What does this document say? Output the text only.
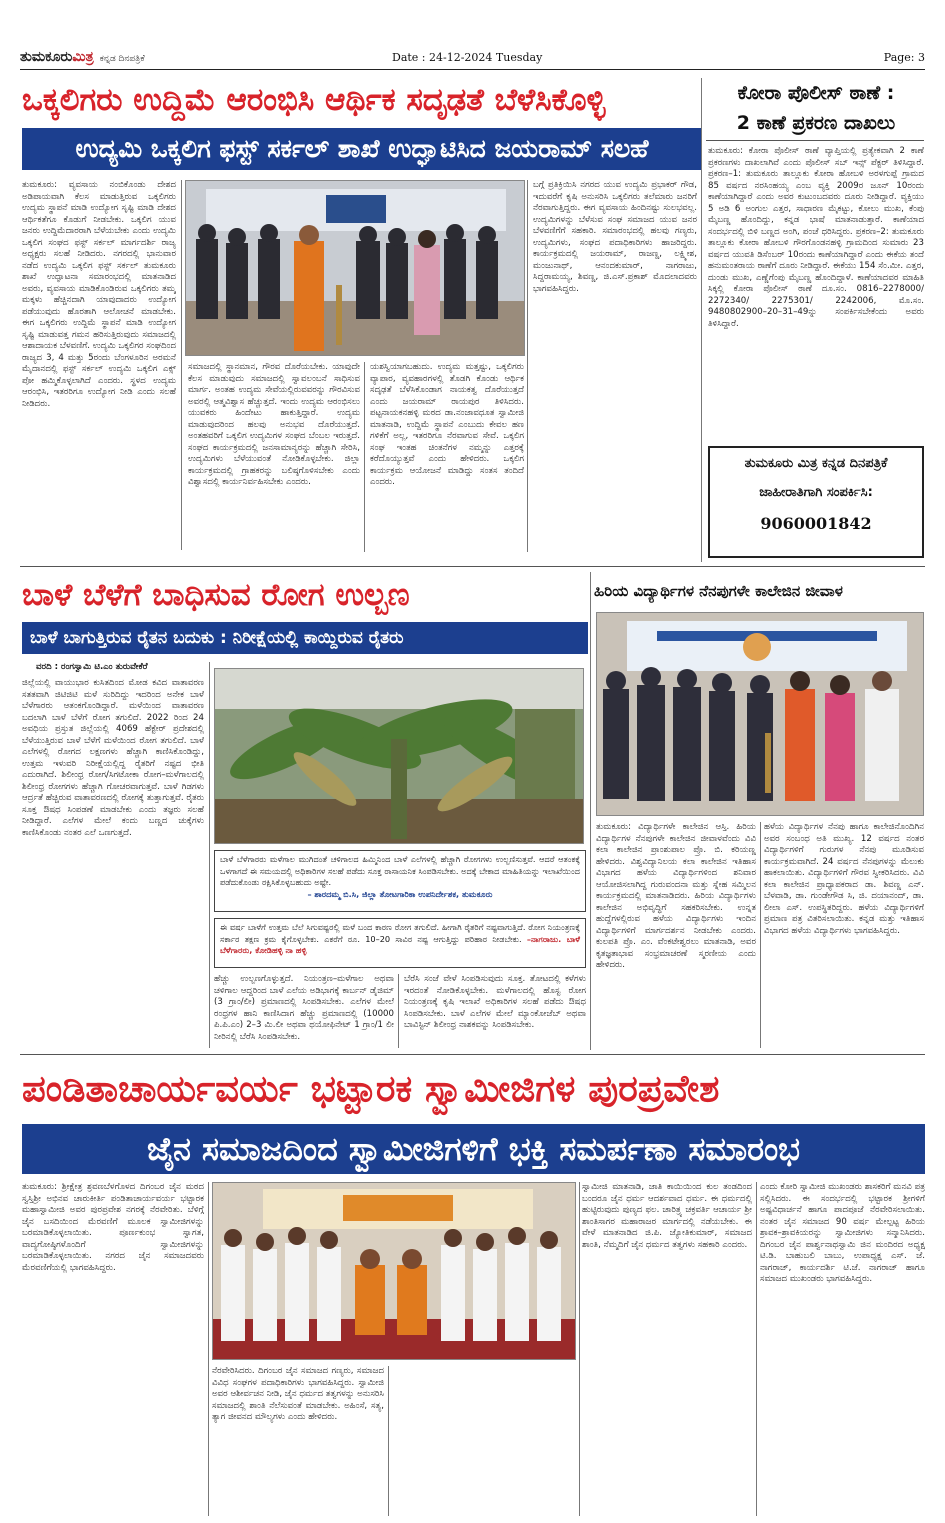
ತುಮಕೂರುಮಿತ್ರ ಕನ್ನಡ ದಿನಪತ್ರಿಕೆ	Date : 24-12-2024 Tuesday	Page: 3
ಒಕ್ಕಲಿಗರು ಉದ್ದಿಮೆ ಆರಂಭಿಸಿ ಆರ್ಥಿಕ ಸದೃಢತೆ ಬೆಳೆಸಿಕೊಳ್ಳಿ
ಉದ್ಯಮಿ ಒಕ್ಕಲಿಗ ಫಸ್ಟ್ ಸರ್ಕಲ್ ಶಾಖೆ ಉದ್ಘಾಟಿಸಿದ ಜಯರಾಮ್ ಸಲಹೆ
ತುಮಕೂರು: ವ್ಯವಸಾಯ ನಂಬಿಕೊಂಡು ದೇಶದ ಅಡಿಪಾಯವಾಗಿ ಕೆಲಸ ಮಾಡುತ್ತಿರುವ ಒಕ್ಕಲಿಗರು ಉದ್ಯಮ ಸ್ಥಾಪನೆ ಮಾಡಿ ಉದ್ಯೋಗ ಸೃಷ್ಟಿ ಮಾಡಿ ದೇಶದ ಆರ್ಥಿಕತೆಗೂ ಕೊಡುಗೆ ನೀಡಬೇಕು. ಒಕ್ಕಲಿಗ ಯುವ ಜನರು ಉದ್ದಿಮೆದಾರರಾಗಿ ಬೆಳೆಯಬೇಕು ಎಂದು ಉದ್ಯಮಿ ಒಕ್ಕಲಿಗ ಸಂಘದ ಫಸ್ಟ್ ಸರ್ಕಲ್ ಮಾರ್ಗದರ್ಶಿ ರಾಜ್ಯ ಅಧ್ಯಕ್ಷರು ಸಲಹೆ ನೀಡಿದರು. ನಗರದಲ್ಲಿ ಭಾನುವಾರ ನಡೆದ ಉದ್ಯಮಿ ಒಕ್ಕಲಿಗ ಫಸ್ಟ್ ಸರ್ಕಲ್ ತುಮಕೂರು ಶಾಖೆ ಉದ್ಘಾಟನಾ ಸಮಾರಂಭದಲ್ಲಿ ಮಾತನಾಡಿದ ಅವರು, ವ್ಯವಸಾಯ ಮಾಡಿಕೊಂಡಿರುವ ಒಕ್ಕಲಿಗರು ತಮ್ಮ ಮಕ್ಕಳು ಹೆಚ್ಚಿನದಾಗಿ ಯಾವುದಾದರು ಉದ್ಯೋಗ ಪಡೆಯುವುದು ಹೊರತಾಗಿ ಆಲೋಚನೆ ಮಾಡಬೇಕು. ಈಗ ಒಕ್ಕಲಿಗರು ಉದ್ದಿಮೆ ಸ್ಥಾಪನೆ ಮಾಡಿ ಉದ್ಯೋಗ ಸೃಷ್ಟಿ ಮಾಡುವತ್ತ ಗಮನ ಹರಿಸುತ್ತಿರುವುದು ಸಮಾಜದಲ್ಲಿ ಆಶಾದಾಯಕ ಬೆಳವಣಿಗೆ. ಉದ್ಯಮಿ ಒಕ್ಕಲಿಗರ ಸಂಘದಿಂದ ರಾಜ್ಯದ 3, 4 ಮತ್ತು 5ರಂದು ಬೆಂಗಳೂರಿನ ಅರಮನೆ ಮೈದಾನದಲ್ಲಿ ಫಸ್ಟ್ ಸರ್ಕಲ್ ಉದ್ಯಮಿ ಒಕ್ಕಲಿಗ ಎಕ್ಸ್ ಪೋ ಹಮ್ಮಿಕೊಳ್ಳಲಾಗಿದೆ ಎಂದರು. ಸ್ಥಳದ ಉದ್ಯಮ ಆರಂಭಿಸಿ, ಇತರರಿಗೂ ಉದ್ಯೋಗ ನೀಡಿ ಎಂದು ಸಲಹೆ ನೀಡಿದರು.
ಸಮಾಜದಲ್ಲಿ ಸ್ಥಾನಮಾನ, ಗೌರವ ದೊರೆಯಬೇಕು. ಯಾವುದೇ ಕೆಲಸ ಮಾಡುವುದು ಸಮಾಜದಲ್ಲಿ ಸ್ವಾವಲಂಬನೆ ಸಾಧಿಸುವ ಮಾರ್ಗ. ಅಂತಹ ಉದ್ಯಮ ಸೇವೆಯಲ್ಲಿರುವವರನ್ನು ಗೌರವಿಸುವ ಅವರಲ್ಲಿ ಆತ್ಮವಿಶ್ವಾಸ ಹೆಚ್ಚುತ್ತದೆ. ಇಂದು ಉದ್ಯಮ ಆರಂಭಿಸಲು ಯುವಕರು ಹಿಂದೇಟು ಹಾಕುತ್ತಿದ್ದಾರೆ. ಉದ್ಯಮ ಮಾಡುವುದರಿಂದ ಹಲವು ಅನುಭವ ದೊರೆಯುತ್ತದೆ. ಅಂತಹವರಿಗೆ ಒಕ್ಕಲಿಗ ಉದ್ಯಮಿಗಳ ಸಂಘದ ಬೆಂಬಲ ಇರುತ್ತದೆ. ಸಂಘದ ಕಾರ್ಯಕ್ರಮದಲ್ಲಿ ಜನಸಾಮಾನ್ಯರನ್ನು ಹೆಚ್ಚಾಗಿ ಸೇರಿಸಿ, ಉದ್ಯಮಿಗಳು ಬೆಳೆಯುವಂತೆ ನೋಡಿಕೊಳ್ಳಬೇಕು. ಜಿಲ್ಲಾ ಕಾರ್ಯಕ್ರಮದಲ್ಲಿ ಗ್ರಾಹಕರನ್ನು ಬಲಿಷ್ಠಗೊಳಿಸಬೇಕು ಎಂದು ವಿಶ್ವಾಸದಲ್ಲಿ ಕಾರ್ಯನಿರ್ವಹಿಸಬೇಕು ಎಂದರು.
ಯಶಸ್ವಿಯಾಗಬಹುದು. ಉದ್ಯಮ ಮತ್ತಷ್ಟು, ಒಕ್ಕಲಿಗರು ವ್ಯಾಪಾರ, ವ್ಯವಹಾರಗಳಲ್ಲಿ ತೊಡಗಿ ಕೊಂಡು ಆರ್ಥಿಕ ಸದೃಢತೆ ಬೆಳೆಸಿಕೊಂಡಾಗ ನಾಯಕತ್ವ ದೊರೆಯುತ್ತದೆ ಎಂದು ಜಯರಾಮ್ ರಾಯಪುರ ತಿಳಿಸಿದರು. ಪಟ್ಟನಾಯಕನಹಳ್ಳಿ ಮಠದ ಡಾ.ನಂಜಾವಧೂತ ಸ್ವಾಮೀಜಿ ಮಾತನಾಡಿ, ಉದ್ದಿಮೆ ಸ್ಥಾಪನೆ ಎಂಬುದು ಕೇವಲ ಹಣ ಗಳಿಕೆಗೆ ಅಲ್ಲ, ಇತರರಿಗೂ ನೆರವಾಗುವ ಸೇವೆ. ಒಕ್ಕಲಿಗ ಸಂಘ ಇಂತಹ ಚಿಂತನೆಗಳ ನಮ್ಮನ್ನು ಎತ್ತರಕ್ಕೆ ಕರೆದೊಯ್ಯುತ್ತವೆ ಎಂದು ಹೇಳಿದರು. ಒಕ್ಕಲಿಗ ಕಾರ್ಯಕ್ರಮ ಆಯೋಜನೆ ಮಾಡಿದ್ದು ಸಂತಸ ತಂದಿದೆ ಎಂದರು.
ಬಗ್ಗೆ ಪ್ರತಿಕ್ರಿಯಿಸಿ ನಗರದ ಯುವ ಉದ್ಯಮಿ ಪ್ರಭಾಕರ್ ಗೌಡ, ಇದುವರೆಗೆ ಕೃಷಿ ಅನುಸರಿಸಿ ಒಕ್ಕಲಿಗರು ತಲೆಮಾರು ಜನರಿಗೆ ನೆರವಾಗುತ್ತಿದ್ದರು. ಈಗ ವ್ಯವಸಾಯ ಹಿಂದಿನಷ್ಟು ಸುಲಭವಲ್ಲ. ಉದ್ಯಮಿಗಳನ್ನು ಬೆಳೆಸುವ ಸಂಘ ಸಮಾಜದ ಯುವ ಜನರ ಬೆಳವಣಿಗೆಗೆ ಸಹಕಾರಿ. ಸಮಾರಂಭದಲ್ಲಿ ಹಲವು ಗಣ್ಯರು, ಉದ್ಯಮಿಗಳು, ಸಂಘದ ಪದಾಧಿಕಾರಿಗಳು ಹಾಜರಿದ್ದರು. ಕಾರ್ಯಕ್ರಮದಲ್ಲಿ ಜಯರಾಮ್, ರಾಜಣ್ಣ, ಲಕ್ಷ್ಮೀಶ, ಮಂಜುನಾಥ್, ಆನಂದಕುಮಾರ್, ನಾಗರಾಜು, ಸಿದ್ದರಾಮಯ್ಯ, ಶಿವಣ್ಣ, ಜಿ.ಎಸ್.ಪ್ರಕಾಶ್ ಮೊದಲಾದವರು ಭಾಗವಹಿಸಿದ್ದರು.
ಕೋರಾ ಪೊಲೀಸ್ ಠಾಣೆ :
2 ಕಾಣೆ ಪ್ರಕರಣ ದಾಖಲು
ತುಮಕೂರು: ಕೋರಾ ಪೊಲೀಸ್ ಠಾಣೆ ವ್ಯಾಪ್ತಿಯಲ್ಲಿ ಪ್ರತ್ಯೇಕವಾಗಿ 2 ಕಾಣೆ ಪ್ರಕರಣಗಳು ದಾಖಲಾಗಿವೆ ಎಂದು ಪೊಲೀಸ್ ಸಬ್ ಇನ್ಸ್ ಪೆಕ್ಟರ್ ತಿಳಿಸಿದ್ದಾರೆ. ಪ್ರಕರಣ–1: ತುಮಕೂರು ತಾಲ್ಲೂಕು ಕೋರಾ ಹೋಬಳಿ ಅರಳಗುಪ್ಪೆ ಗ್ರಾಮದ 85 ವರ್ಷದ ನರಸಿಂಹಯ್ಯ ಎಂಬ ವ್ಯಕ್ತಿ 2009ರ ಜೂನ್ 10ರಂದು ಕಾಣೆಯಾಗಿದ್ದಾರೆ ಎಂದು ಅವರ ಕುಟುಂಬದವರು ದೂರು ನೀಡಿದ್ದಾರೆ. ವ್ಯಕ್ತಿಯು 5 ಅಡಿ 6 ಅಂಗುಲ ಎತ್ತರ, ಸಾಧಾರಣ ಮೈಕಟ್ಟು, ಕೋಲು ಮುಖ, ಕೆಂಪು ಮೈಬಣ್ಣ ಹೊಂದಿದ್ದು, ಕನ್ನಡ ಭಾಷೆ ಮಾತನಾಡುತ್ತಾರೆ. ಕಾಣೆಯಾದ ಸಂದರ್ಭದಲ್ಲಿ ಬಿಳಿ ಬಣ್ಣದ ಅಂಗಿ, ಪಂಚೆ ಧರಿಸಿದ್ದರು. ಪ್ರಕರಣ–2: ತುಮಕೂರು ತಾಲ್ಲೂಕು ಕೋರಾ ಹೋಬಳಿ ಗೌರಗೊಂಡನಹಳ್ಳಿ ಗ್ರಾಮದಿಂದ ಸುಮಾರು 23 ವರ್ಷದ ಯುವತಿ ಡಿಸೆಂಬರ್ 10ರಂದು ಕಾಣೆಯಾಗಿದ್ದಾರೆ ಎಂದು ಈಕೆಯ ತಂದೆ ಹನುಮಂತರಾಯ ಠಾಣೆಗೆ ದೂರು ನೀಡಿದ್ದಾರೆ. ಈಕೆಯು 154 ಸೆಂ.ಮೀ. ಎತ್ತರ, ದುಂಡು ಮುಖ, ಎಣ್ಣೆಗೆಂಪು ಮೈಬಣ್ಣ ಹೊಂದಿದ್ದಾಳೆ. ಕಾಣೆಯಾದವರ ಮಾಹಿತಿ ಸಿಕ್ಕಲ್ಲಿ ಕೋರಾ ಪೊಲೀಸ್ ಠಾಣೆ ದೂ.ಸಂ. 0816–2278000/ 2272340/ 2275301/ 2242006, ಮೊ.ಸಂ. 9480802900–20–31–49ನ್ನು ಸಂಪರ್ಕಿಸಬೇಕೆಂದು ಅವರು ತಿಳಿಸಿದ್ದಾರೆ.
ತುಮಕೂರು ಮಿತ್ರ ಕನ್ನಡ ದಿನಪತ್ರಿಕೆ
ಜಾಹೀರಾತಿಗಾಗಿ ಸಂಪರ್ಕಿಸಿ:
9060001842
ಬಾಳೆ ಬೆಳೆಗೆ ಬಾಧಿಸುವ ರೋಗ ಉಲ್ಬಣ
ಬಾಳೆ ಬಾಗುತ್ತಿರುವ ರೈತನ ಬದುಕು : ನಿರೀಕ್ಷೆಯಲ್ಲಿ ಕಾಯ್ದಿರುವ ರೈತರು
ವರದಿ : ರಂಗಸ್ವಾಮಿ ಟಿ.ಎಂ ತುರುವೇಕೆರೆ
ಜಿಲ್ಲೆಯಲ್ಲಿ ವಾಯುಭಾರ ಕುಸಿತದಿಂದ ಮೋಡ ಕವಿದ ವಾತಾವರಣ ಸತತವಾಗಿ ಜಿಟಿಜಿಟಿ ಮಳೆ ಸುರಿದಿದ್ದು ಇದರಿಂದ ಅನೇಕ ಬಾಳೆ ಬೆಳೆಗಾರರು ಆತಂಕಗೊಂಡಿದ್ದಾರೆ. ಮಳೆಯಿಂದ ವಾತಾವರಣ ಬದಲಾಗಿ ಬಾಳೆ ಬೆಳೆಗೆ ರೋಗ ತಗುಲಿದೆ. 2022 ರಿಂದ 24 ಅವಧಿಯ ಪ್ರಸ್ತುತ ಜಿಲ್ಲೆಯಲ್ಲಿ 4069 ಹೆಕ್ಟೇರ್ ಪ್ರದೇಶದಲ್ಲಿ ಬೆಳೆಯುತ್ತಿರುವ ಬಾಳೆ ಬೆಳೆಗೆ ಮಳೆಯಿಂದ ರೋಗ ತಗುಲಿದೆ. ಬಾಳೆ ಎಲೆಗಳಲ್ಲಿ ರೋಗದ ಲಕ್ಷಣಗಳು ಹೆಚ್ಚಾಗಿ ಕಾಣಿಸಿಕೊಂಡಿದ್ದು, ಉತ್ತಮ ಇಳುವರಿ ನಿರೀಕ್ಷೆಯಲ್ಲಿದ್ದ ರೈತರಿಗೆ ನಷ್ಟದ ಭೀತಿ ಎದುರಾಗಿದೆ. ಶಿಲೀಂಧ್ರ ರೋಗ/ಸಿಗಟೋಕಾ ರೋಗ–ಮಳೆಗಾಲದಲ್ಲಿ ಶಿಲೀಂಧ್ರ ರೋಗಗಳು ಹೆಚ್ಚಾಗಿ ಗೋಚರವಾಗುತ್ತವೆ. ಬಾಳೆ ಗಿಡಗಳು ಆರ್ದ್ರತೆ ಹೆಚ್ಚಿರುವ ವಾತಾವರಣದಲ್ಲಿ ರೋಗಕ್ಕೆ ತುತ್ತಾಗುತ್ತವೆ. ರೈತರು ಸೂಕ್ತ ಔಷಧ ಸಿಂಪಡಣೆ ಮಾಡಬೇಕು ಎಂದು ತಜ್ಞರು ಸಲಹೆ ನೀಡಿದ್ದಾರೆ. ಎಲೆಗಳ ಮೇಲೆ ಕಂದು ಬಣ್ಣದ ಚುಕ್ಕೆಗಳು ಕಾಣಿಸಿಕೊಂಡು ನಂತರ ಎಲೆ ಒಣಗುತ್ತದೆ.
ಬಾಳೆ ಬೆಳೆಗಾರರು ಮಳೆಗಾಲ ಮುಗಿದಂತೆ ಚಳಿಗಾಲದ ಹಿಮ್ಮಿನಿಂದ ಬಾಳೆ ಎಲೆಗಳಲ್ಲಿ ಹೆಚ್ಚಾಗಿ ರೋಗಗಳು ಉಲ್ಬಣಿಸುತ್ತವೆ. ಆದರೆ ಆತಂಕಕ್ಕೆ ಒಳಗಾಗದೆ ಈ ಸಮಯದಲ್ಲಿ ಅಧಿಕಾರಿಗಳ ಸಲಹೆ ಪಡೆದು ಸೂಕ್ತ ರಾಸಾಯನಿಕ ಸಿಂಪಡಿಸಬೇಕು. ಅದಕ್ಕೆ ಬೇಕಾದ ಮಾಹಿತಿಯನ್ನು ಇಲಾಖೆಯಿಂದ ಪಡೆದುಕೊಂಡು ರಕ್ಷಿಸಿಕೊಳ್ಳಬಹುದು ಅಷ್ಟೇ.
– ಶಾರದಮ್ಮ ಬಿ.ಸಿ, ಜಿಲ್ಲಾ ತೋಟಗಾರಿಕಾ ಉಪನಿರ್ದೇಶಕ, ತುಮಕೂರು
ಈ ವರ್ಷ ಬಾಳೆಗೆ ಉತ್ತಮ ಬೆಲೆ ಸಿಗುವಷ್ಟರಲ್ಲಿ ಮಳೆ ಬಂದ ಕಾರಣ ರೋಗ ತಗುಲಿದೆ. ಹೀಗಾಗಿ ರೈತರಿಗೆ ನಷ್ಟವಾಗುತ್ತಿದೆ. ರೋಗ ನಿಯಂತ್ರಣಕ್ಕೆ ಸರ್ಕಾರ ತಕ್ಷಣ ಕ್ರಮ ಕೈಗೊಳ್ಳಬೇಕು. ಎಕರೆಗೆ ರೂ. 10–20 ಸಾವಿರ ನಷ್ಟ ಆಗುತ್ತಿದ್ದು ಪರಿಹಾರ ನೀಡಬೇಕು. –ನಾಗರಾಜು. ಬಾಳೆ ಬೆಳೆಗಾರರು, ಕೋಡಿಹಳ್ಳಿ ನಾ ಹಳ್ಳಿ
ಹೆಚ್ಚು ಉಲ್ಬಣಗೊಳ್ಳುತ್ತದೆ. ನಿಯಂತ್ರಣ–ಮಳೆಗಾಲ ಅಥವಾ ಚಳಿಗಾಲ ಆದ್ದರಿಂದ ಬಾಳೆ ಎಲೆಯ ಅಡಿಭಾಗಕ್ಕೆ ಕಾರ್ಬನ್ ಡೈಜಿಮ್ (3 ಗ್ರಾಂ/ಲೀ) ಪ್ರಮಾಣದಲ್ಲಿ ಸಿಂಪಡಿಸಬೇಕು. ಎಲೆಗಳ ಮೇಲೆ ರಂಧ್ರಗಳ ಹಾನಿ ಕಾಣಿಸಿದಾಗ ಹೆಚ್ಚು ಪ್ರಮಾಣದಲ್ಲಿ (10000 ಪಿ.ಪಿ.ಎಂ) 2–3 ಮಿ.ಲೀ ಅಥವಾ ಥಯೋಫಿನೇಟ್ 1 ಗ್ರಾಂ/1 ಲೀ ನೀರಿನಲ್ಲಿ ಬೆರೆಸಿ ಸಿಂಪಡಿಸಬೇಕು.
ಬೆರೆಸಿ ಸಂಜೆ ವೇಳೆ ಸಿಂಪಡಿಸುವುದು ಸೂಕ್ತ. ತೋಟದಲ್ಲಿ ಕಳೆಗಳು ಇರದಂತೆ ನೋಡಿಕೊಳ್ಳಬೇಕು. ಮಳೆಗಾಲದಲ್ಲಿ ಹೊಸ್ಟ ರೋಗ ನಿಯಂತ್ರಣಕ್ಕೆ ಕೃಷಿ ಇಲಾಖೆ ಅಧಿಕಾರಿಗಳ ಸಲಹೆ ಪಡೆದು ಔಷಧ ಸಿಂಪಡಿಸಬೇಕು. ಬಾಳೆ ಎಲೆಗಳ ಮೇಲೆ ಮ್ಯಾಂಕೋಜೆಬ್ ಅಥವಾ ಬಾವಿಸ್ಟಿನ್ ಶಿಲೀಂಧ್ರ ನಾಶಕವನ್ನು ಸಿಂಪಡಿಸಬೇಕು.
ಹಿರಿಯ ವಿದ್ಯಾರ್ಥಿಗಳ ನೆನಪುಗಳೇ ಕಾಲೇಜಿನ ಜೀವಾಳ
ತುಮಕೂರು: ವಿದ್ಯಾರ್ಥಿಗಳೇ ಕಾಲೇಜಿನ ಆಸ್ತಿ. ಹಿರಿಯ ವಿದ್ಯಾರ್ಥಿಗಳ ನೆನಪುಗಳೇ ಕಾಲೇಜಿನ ಜೀವಾಳವೆಂದು ವಿವಿ ಕಲಾ ಕಾಲೇಜಿನ ಪ್ರಾಂಶುಪಾಲ ಪ್ರೊ. ಬಿ. ಕರಿಯಣ್ಣ ಹೇಳಿದರು. ವಿಶ್ವವಿದ್ಯಾನಿಲಯ ಕಲಾ ಕಾಲೇಜಿನ ಇತಿಹಾಸ ವಿಭಾಗದ ಹಳೆಯ ವಿದ್ಯಾರ್ಥಿಗಳಿಂದ ಶನಿವಾರ ಆಯೋಜಿಸಲಾಗಿದ್ದ ಗುರುವಂದನಾ ಮತ್ತು ಸ್ನೇಹ ಸಮ್ಮಿಲನ ಕಾರ್ಯಕ್ರಮದಲ್ಲಿ ಮಾತನಾಡಿದರು. ಹಿರಿಯ ವಿದ್ಯಾರ್ಥಿಗಳು ಕಾಲೇಜಿನ ಅಭಿವೃದ್ಧಿಗೆ ಸಹಕರಿಸಬೇಕು. ಉನ್ನತ ಹುದ್ದೆಗಳಲ್ಲಿರುವ ಹಳೆಯ ವಿದ್ಯಾರ್ಥಿಗಳು ಇಂದಿನ ವಿದ್ಯಾರ್ಥಿಗಳಿಗೆ ಮಾರ್ಗದರ್ಶನ ನೀಡಬೇಕು ಎಂದರು. ಕುಲಪತಿ ಪ್ರೊ. ಎಂ. ವೆಂಕಟೇಶ್ವರಲು ಮಾತನಾಡಿ, ಅವರ ಕೃತಜ್ಞತಾಭಾವ ಸಂಭ್ರಮಾಚರಣೆ ಸ್ಮರಣೀಯ ಎಂದು ಹೇಳಿದರು.
ಹಳೆಯ ವಿದ್ಯಾರ್ಥಿಗಳ ನೆನಪು ಹಾಗೂ ಕಾಲೇಜಿನೊಂದಿಗಿನ ಅವರ ಸಂಬಂಧ ಅತಿ ಮುಖ್ಯ. 12 ವರ್ಷದ ನಂತರ ವಿದ್ಯಾರ್ಥಿಗಳಿಗೆ ಗುರುಗಳ ನೆನಪು ಮೂಡಿಸುವ ಕಾರ್ಯಕ್ರಮವಾಗಿದೆ. 24 ವರ್ಷದ ನೆನಪುಗಳನ್ನು ಮೆಲುಕು ಹಾಕಲಾಯಿತು. ವಿದ್ಯಾರ್ಥಿಗಳಿಗೆ ಗೌರವ ಸ್ವೀಕರಿಸಿದರು. ವಿವಿ ಕಲಾ ಕಾಲೇಜಿನ ಪ್ರಾಧ್ಯಾಪಕರಾದ ಡಾ. ಶಿವಣ್ಣ ಎನ್. ಬೆಳವಾಡಿ, ಡಾ. ಗುಂಡೇಗೌಡ ಸಿ, ಜಿ. ದಯಾನಂದ್, ಡಾ. ಲೀಲಾ ಎಸ್. ಉಪಸ್ಥಿತರಿದ್ದರು. ಹಳೆಯ ವಿದ್ಯಾರ್ಥಿಗಳಿಗೆ ಪ್ರಮಾಣ ಪತ್ರ ವಿತರಿಸಲಾಯಿತು. ಕನ್ನಡ ಮತ್ತು ಇತಿಹಾಸ ವಿಭಾಗದ ಹಳೆಯ ವಿದ್ಯಾರ್ಥಿಗಳು ಭಾಗವಹಿಸಿದ್ದರು.
ಪಂಡಿತಾಚಾರ್ಯವರ್ಯ ಭಟ್ಟಾರಕ ಸ್ವಾಮೀಜಿಗಳ ಪುರಪ್ರವೇಶ
ಜೈನ ಸಮಾಜದಿಂದ ಸ್ವಾಮೀಜಿಗಳಿಗೆ ಭಕ್ತಿ ಸಮರ್ಪಣಾ ಸಮಾರಂಭ
ತುಮಕೂರು: ಶ್ರೀಕ್ಷೇತ್ರ ಶ್ರವಣಬೆಳಗೊಳದ ದಿಗಂಬರ ಜೈನ ಮಠದ ಸ್ವಸ್ತಿಶ್ರೀ ಅಭಿನವ ಚಾರುಕೀರ್ತಿ ಪಂಡಿತಾಚಾರ್ಯವರ್ಯ ಭಟ್ಟಾರಕ ಮಹಾಸ್ವಾಮೀಜಿ ಅವರ ಪುರಪ್ರವೇಶ ನಗರಕ್ಕೆ ನೆರವೇರಿತು. ಬೆಳಿಗ್ಗೆ ಜೈನ ಬಸದಿಯಿಂದ ಮೆರವಣಿಗೆ ಮೂಲಕ ಸ್ವಾಮೀಜಿಗಳನ್ನು ಬರಮಾಡಿಕೊಳ್ಳಲಾಯಿತು. ಪೂರ್ಣಕುಂಭ ಸ್ವಾಗತ, ವಾದ್ಯಗೋಷ್ಠಿಗಳೊಂದಿಗೆ ಸ್ವಾಮೀಜಿಗಳನ್ನು ಬರಮಾಡಿಕೊಳ್ಳಲಾಯಿತು. ನಗರದ ಜೈನ ಸಮಾಜದವರು ಮೆರವಣಿಗೆಯಲ್ಲಿ ಭಾಗವಹಿಸಿದ್ದರು.
ನೆರವೇರಿಸಿದರು. ದಿಗಂಬರ ಜೈನ ಸಮಾಜದ ಗಣ್ಯರು, ಸಮಾಜದ ವಿವಿಧ ಸಂಘಗಳ ಪದಾಧಿಕಾರಿಗಳು ಭಾಗವಹಿಸಿದ್ದರು. ಸ್ವಾಮೀಜಿ ಅವರ ಆಶೀರ್ವಚನ ನೀಡಿ, ಜೈನ ಧರ್ಮದ ತತ್ವಗಳನ್ನು ಅನುಸರಿಸಿ ಸಮಾಜದಲ್ಲಿ ಶಾಂತಿ ನೆಲೆಸುವಂತೆ ಮಾಡಬೇಕು. ಅಹಿಂಸೆ, ಸತ್ಯ, ತ್ಯಾಗ ಜೀವನದ ಮೌಲ್ಯಗಳು ಎಂದು ಹೇಳಿದರು.
ಸ್ವಾಮೀಜಿ ಮಾತನಾಡಿ, ಜಾತಿ ಕಾಯಿಯಿಂದ ಕುಲ ತಂಡದಿಂದ ಬಂದರೂ ಜೈನ ಧರ್ಮ ಆದರ್ಶವಾದ ಧರ್ಮ. ಈ ಧರ್ಮದಲ್ಲಿ ಹುಟ್ಟಿರುವುದು ಪುಣ್ಯದ ಫಲ. ಚಾರಿತ್ರ್ಯ ಚಕ್ರವರ್ತಿ ಆಚಾರ್ಯ ಶ್ರೀ ಶಾಂತಿಸಾಗರ ಮಹಾರಾಜರ ಮಾರ್ಗದಲ್ಲಿ ನಡೆಯಬೇಕು. ಈ ವೇಳೆ ಮಾತನಾಡಿದ ಜಿ.ಪಿ. ಜ್ಯೋತಿಕುಮಾರ್, ಸಮಾಜದ ಶಾಂತಿ, ನೆಮ್ಮದಿಗೆ ಜೈನ ಧರ್ಮದ ತತ್ವಗಳು ಸಹಕಾರಿ ಎಂದರು.
ಎಂದು ಕೋರಿ ಸ್ವಾಮೀಜಿ ಮುಖಂಡರು ಶಾಸಕರಿಗೆ ಮನವಿ ಪತ್ರ ಸಲ್ಲಿಸಿದರು. ಈ ಸಂದರ್ಭದಲ್ಲಿ ಭಟ್ಟಾರಕ ಶ್ರೀಗಳಿಗೆ ಅಷ್ಟವಿಧಾರ್ಚನೆ ಹಾಗೂ ಪಾದಪೂಜೆ ನೆರವೇರಿಸಲಾಯಿತು. ನಂತರ ಜೈನ ಸಮಾಜದ 90 ವರ್ಷ ಮೇಲ್ಪಟ್ಟ ಹಿರಿಯ ಶ್ರಾವಕ–ಶ್ರಾವಕಿಯರನ್ನು ಸ್ವಾಮೀಜಿಗಳು ಸನ್ಮಾನಿಸಿದರು. ದಿಗಂಬರ ಜೈನ ಪಾರ್ಶ್ವನಾಥಸ್ವಾಮಿ ಜಿನ ಮಂದಿರದ ಅಧ್ಯಕ್ಷ ಟಿ.ಡಿ. ಬಾಹುಬಲಿ ಬಾಬು, ಉಪಾಧ್ಯಕ್ಷ ಎಸ್. ಜೆ. ನಾಗರಾಜ್, ಕಾರ್ಯದರ್ಶಿ ಟಿ.ಜೆ. ನಾಗರಾಜ್ ಹಾಗೂ ಸಮಾಜದ ಮುಖಂಡರು ಭಾಗವಹಿಸಿದ್ದರು.
